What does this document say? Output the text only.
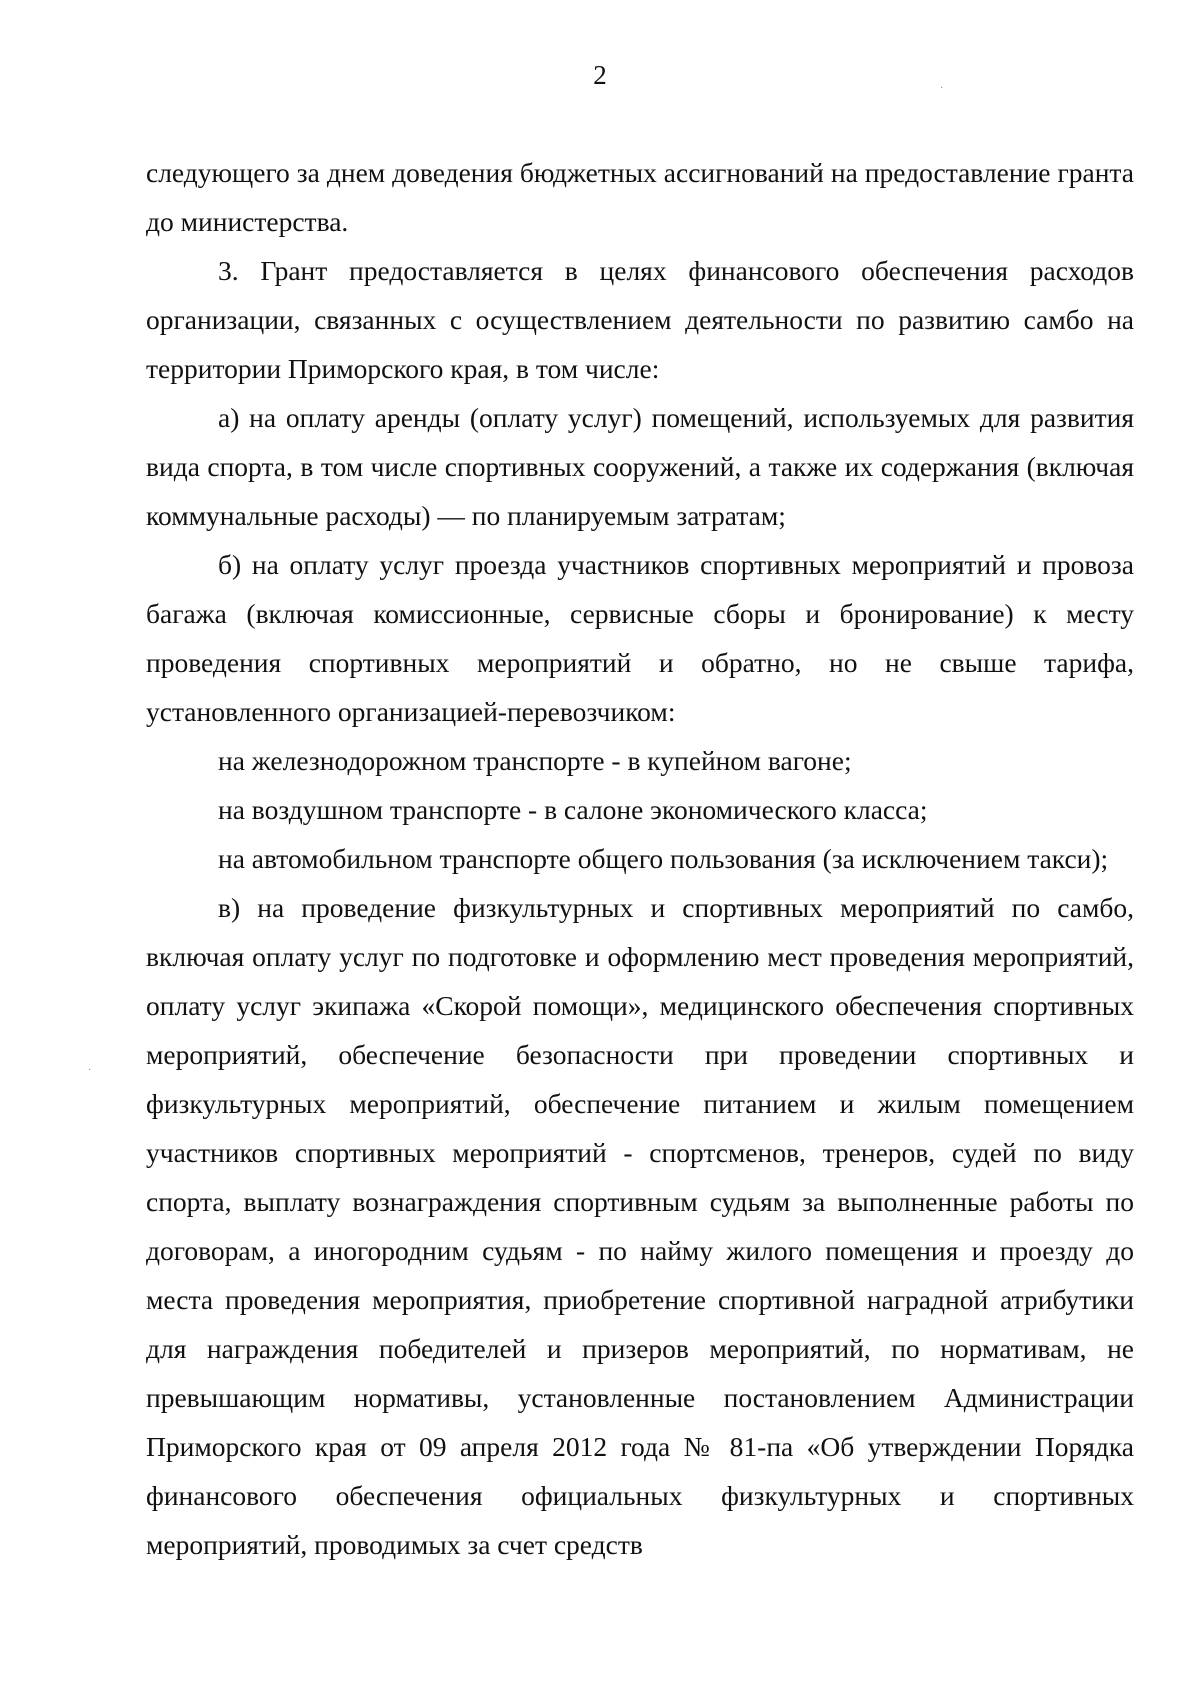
2

следующего за днем доведения бюджетных ассигнований на предоставление гранта до министерства.

3. Грант предоставляется в целях финансового обеспечения расходов организации, связанных с осуществлением деятельности по развитию самбо на территории Приморского края, в том числе:

а) на оплату аренды (оплату услуг) помещений, используемых для развития вида спорта, в том числе спортивных сооружений, а также их содержания (включая коммунальные расходы) — по планируемым затратам;

б) на оплату услуг проезда участников спортивных мероприятий и провоза багажа (включая комиссионные, сервисные сборы и бронирование) к месту проведения спортивных мероприятий и обратно, но не свыше тарифа, установленного организацией-перевозчиком:

на железнодорожном транспорте - в купейном вагоне;

на воздушном транспорте - в салоне экономического класса;

на автомобильном транспорте общего пользования (за исключением такси);

в) на проведение физкультурных и спортивных мероприятий по самбо, включая оплату услуг по подготовке и оформлению мест проведения мероприятий, оплату услуг экипажа «Скорой помощи», медицинского обеспечения спортивных мероприятий, обеспечение безопасности при проведении спортивных и физкультурных мероприятий, обеспечение питанием и жилым помещением участников спортивных мероприятий - спортсменов, тренеров, судей по виду спорта, выплату вознаграждения спортивным судьям за выполненные работы по договорам, а иногородним судьям - по найму жилого помещения и проезду до места проведения мероприятия, приобретение спортивной наградной атрибутики для награждения победителей и призеров мероприятий, по нормативам, не превышающим нормативы, установленные постановлением Администрации Приморского края от 09 апреля 2012 года № 81-па «Об утверждении Порядка финансового обеспечения официальных физкультурных и спортивных мероприятий, проводимых за счет средств

·
·
